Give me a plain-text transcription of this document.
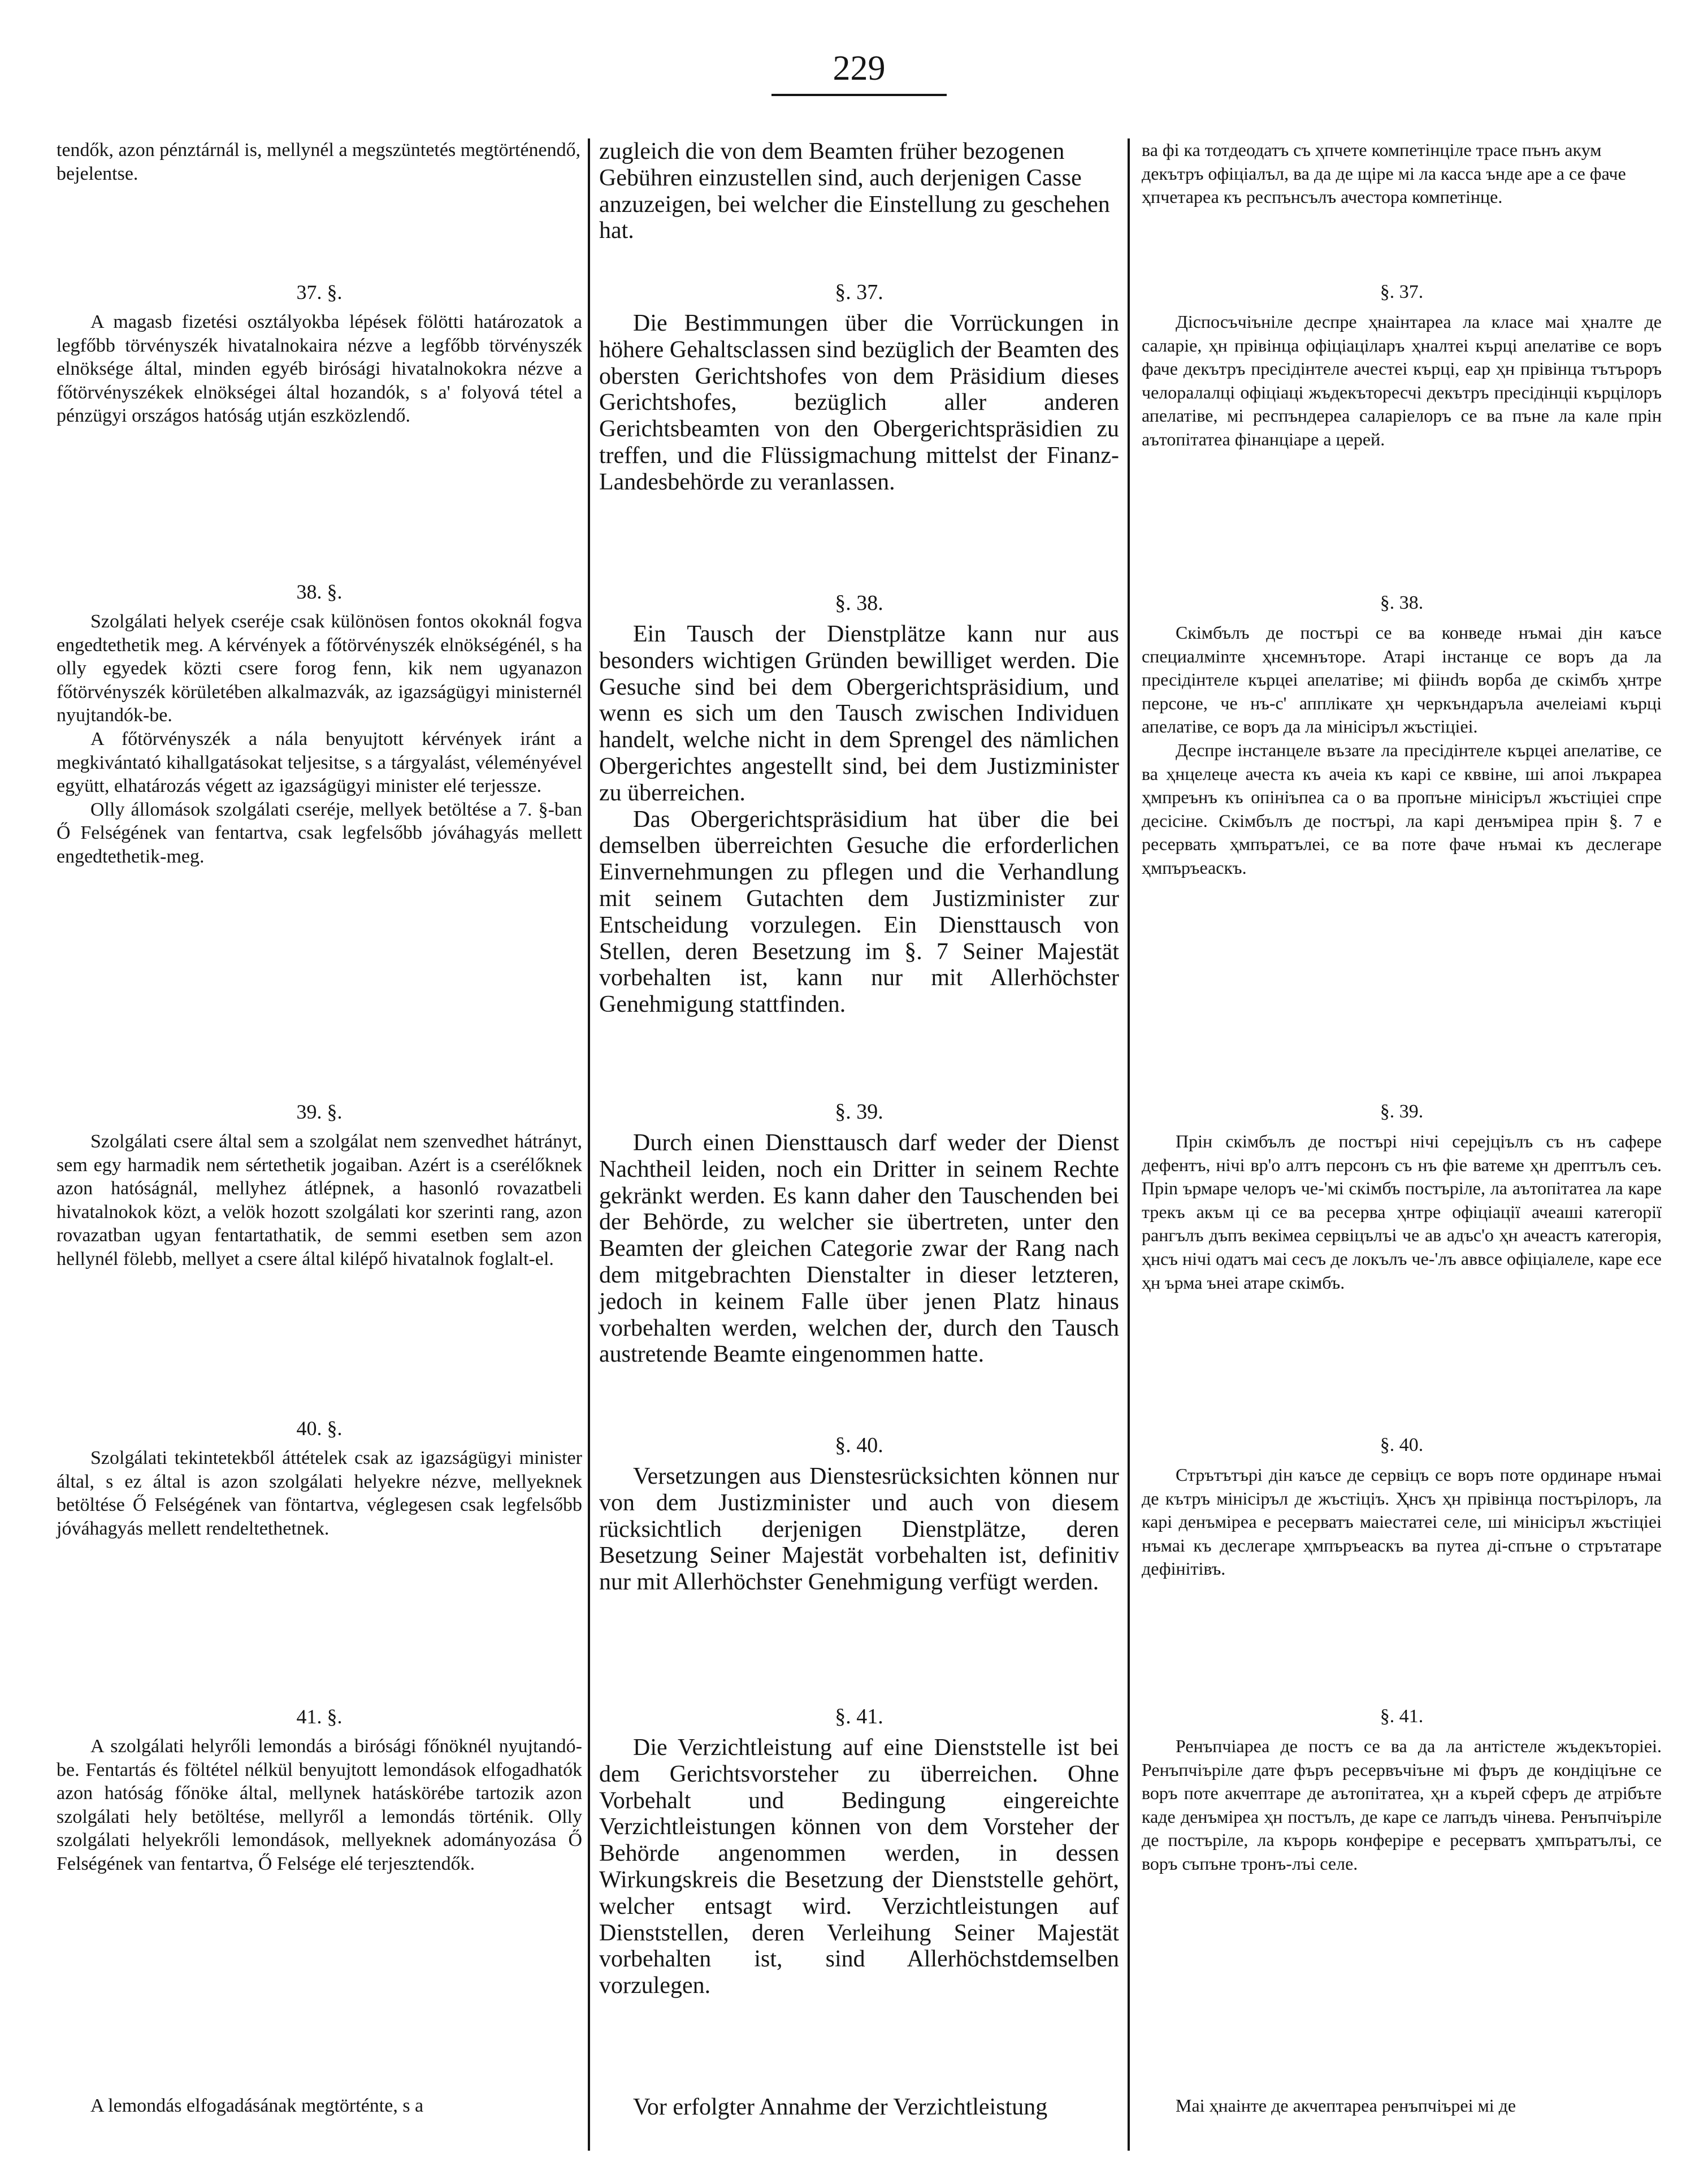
229

tendők, azon pénztárnál is, mellynél a megszüntetés megtörténendő, bejelentse.

37. §.

A magasb fizetési osztályokba lépések fölötti határozatok a legfőbb törvényszék hivatalnokaira nézve a legfőbb törvényszék elnöksége által, minden egyéb birósági hivatalnokokra nézve a főtörvényszékek elnökségei által hozandók, s a' folyová tétel a pénzügyi országos hatóság utján eszközlendő.

38. §.

Szolgálati helyek cseréje csak különösen fontos okoknál fogva engedtethetik meg. A kérvények a főtörvényszék elnökségénél, s ha olly egyedek közti csere forog fenn, kik nem ugyanazon főtörvényszék körületében alkalmazvák, az igazságügyi ministernél nyujtandók-be.

A főtörvényszék a nála benyujtott kérvények iránt a megkivántató kihallgatásokat teljesitse, s a tárgyalást, véleményével együtt, elhatározás végett az igazságügyi minister elé terjessze.

Olly állomások szolgálati cseréje, mellyek betöltése a 7. §-ban Ő Felségének van fentartva, csak legfelsőbb jóváhagyás mellett engedtethetik-meg.

39. §.

Szolgálati csere által sem a szolgálat nem szenvedhet hátrányt, sem egy harmadik nem sértethetik jogaiban. Azért is a cserélőknek azon hatóságnál, mellyhez átlépnek, a hasonló rovazatbeli hivatalnokok közt, a velök hozott szolgálati kor szerinti rang, azon rovazatban ugyan fentartathatik, de semmi esetben sem azon hellynél fölebb, mellyet a csere által kilépő hivatalnok foglalt-el.

40. §.

Szolgálati tekintetekből áttételek csak az igazságügyi minister által, s ez által is azon szolgálati helyekre nézve, mellyeknek betöltése Ő Felségének van föntartva, véglegesen csak legfelsőbb jóváhagyás mellett rendeltethetnek.

41. §.

A szolgálati helyrőli lemondás a birósági főnöknél nyujtandó-be. Fentartás és föltétel nélkül benyujtott lemondások elfogadhatók azon hatóság főnöke által, mellynek hatáskörébe tartozik azon szolgálati hely betöltése, mellyről a lemondás történik. Olly szolgálati helyekrőli lemondások, mellyeknek adományozása Ő Felségének van fentartva, Ő Felsége elé terjesztendők.

A lemondás elfogadásának megtörténte, s a

zugleich die von dem Beamten früher bezogenen Gebühren einzustellen sind, auch derjenigen Casse anzuzeigen, bei welcher die Einstellung zu geschehen hat.

§. 37.

Die Bestimmungen über die Vorrückungen in höhere Gehaltsclassen sind bezüglich der Beamten des obersten Gerichtshofes von dem Präsidium dieses Gerichtshofes, bezüglich aller anderen Gerichtsbeamten von den Obergerichtspräsidien zu treffen, und die Flüssigmachung mittelst der Finanz-Landesbehörde zu veranlassen.

§. 38.

Ein Tausch der Dienstplätze kann nur aus besonders wichtigen Gründen bewilliget werden. Die Gesuche sind bei dem Obergerichtspräsidium, und wenn es sich um den Tausch zwischen Individuen handelt, welche nicht in dem Sprengel des nämlichen Obergerichtes angestellt sind, bei dem Justizminister zu überreichen.

Das Obergerichtspräsidium hat über die bei demselben überreichten Gesuche die erforderlichen Einvernehmungen zu pflegen und die Verhandlung mit seinem Gutachten dem Justizminister zur Entscheidung vorzulegen. Ein Diensttausch von Stellen, deren Besetzung im §. 7 Seiner Majestät vorbehalten ist, kann nur mit Allerhöchster Genehmigung stattfinden.

§. 39.

Durch einen Diensttausch darf weder der Dienst Nachtheil leiden, noch ein Dritter in seinem Rechte gekränkt werden. Es kann daher den Tauschenden bei der Behörde, zu welcher sie übertreten, unter den Beamten der gleichen Categorie zwar der Rang nach dem mitgebrachten Dienstalter in dieser letzteren, jedoch in keinem Falle über jenen Platz hinaus vorbehalten werden, welchen der, durch den Tausch austretende Beamte eingenommen hatte.

§. 40.

Versetzungen aus Dienstesrücksichten können nur von dem Justizminister und auch von diesem rücksichtlich derjenigen Dienstplätze, deren Besetzung Seiner Majestät vorbehalten ist, definitiv nur mit Allerhöchster Genehmigung verfügt werden.

§. 41.

Die Verzichtleistung auf eine Dienststelle ist bei dem Gerichtsvorsteher zu überreichen. Ohne Vorbehalt und Bedingung eingereichte Verzichtleistungen können von dem Vorsteher der Behörde angenommen werden, in dessen Wirkungskreis die Besetzung der Dienststelle gehört, welcher entsagt wird. Verzichtleistungen auf Dienststellen, deren Verleihung Seiner Majestät vorbehalten ist, sind Allerhöchstdemselben vorzulegen.

Vor erfolgter Annahme der Verzichtleistung

ва фі ка тотдеодатъ съ ҳпчете компетінціле трасе пънъ акум декътръ офіціалъл, ва да де щіре мі ла касса ънде аре а се фаче ҳпчетареа къ респънсълъ ачестора компетінце.

§. 37.

Діспосъчіъніле деспре ҳнаінтареа ла класе маі ҳналте де саларіе, ҳн прівінца офіціаціларъ ҳналтеі кърці апелатіве се воръ фаче декътръ пресідінтеле ачестеі кърці, еар ҳн прівінца тътъроръ челоралалці офіціаці жъдекъторесчі декътръ пресідінціі кърцілоръ апелатіве, мі респъндереа саларіелоръ се ва пъне ла кале прін аътопітатеа фінанціаре а церей.

§. 38.

Скімбълъ де постърі се ва конведе нъмаі дін каъсе специалміnте ҳнсемнъторе. Атарі інстанце се воръ да ла пресідінтеле кърцеі апелатіве; мі фіінdъ ворба де скімбъ ҳнтре персоне, че нъ-с' апплікате ҳн черкъндаръла ачелеіамі кърці апелатіве, се воръ да ла мінісіръл жъстіціеі.

Деспре інстанцеле възате ла пресідінтеле кърцеі апелатіве, се ва ҳнцелеце ачеста къ ачеіа къ карі се кввіне, ші апоі лъкрареа ҳмпреънъ къ опініъпеа са о ва пропъне мінісіръл жъстіціеі спре десісіне. Скімбълъ де постърі, ла карі денъміреа прін §. 7 е ресервать ҳмпъратълеі, се ва поте фаче нъмаі къ деслегаре ҳмпъръеаскъ.

§. 39.

Прін скімбълъ де постърі нічі серејціълъ съ нъ сафере дефентъ, нічі вр'о алтъ персонъ съ нъ фіе ватеме ҳн дрептълъ сеъ. Пріn ърмаре челоръ че-'мі скімбъ постъріле, ла аътопітатеа ла каре трекъ акъм ці се ва ресерва ҳнтре офіціації ачеаші категорії рангълъ дъпъ векімеа сервіцълъі че ав адъс'о ҳн ачеастъ категорія, ҳнсъ нічі одатъ маі сесъ де локълъ че-'лъ аввсе офіціалеле, каре есе ҳн ърма ънеі атаре скімбъ.

§. 40.

Стрътътърі дін каъсе де сервіцъ се воръ поте ординаре нъмаі де кътръ мінісіръл де жъстіціъ. Ҳнсъ ҳн прівінца постърілоръ, ла карі денъміреа е ресерватъ маіестатеі селе, ші мінісіръл жъстіціеі нъмаі къ деслегаре ҳмпъръеаскъ ва путеа ді-спъне о стрътатаре дефінітівъ.

§. 41.

Ренъпчіареа де постъ се ва да ла антістеле жъдекъторіеі. Ренъпчіъріле дате фъръ ресервъчіъне мі фъръ де кондіціъне се воръ поте акчептаре де аътопітатеа, ҳн а кърей сферъ де атрібъте каде денъміреа ҳн постълъ, де каре се лапъдъ чінева. Ренъпчіъріле де постъріле, ла кърорь конферіре е ресерватъ ҳмпъратълъі, се воръ съпъне тронъ-лъі селе.

Маі ҳнаінте де акчептареа ренъпчіъреі мі де
